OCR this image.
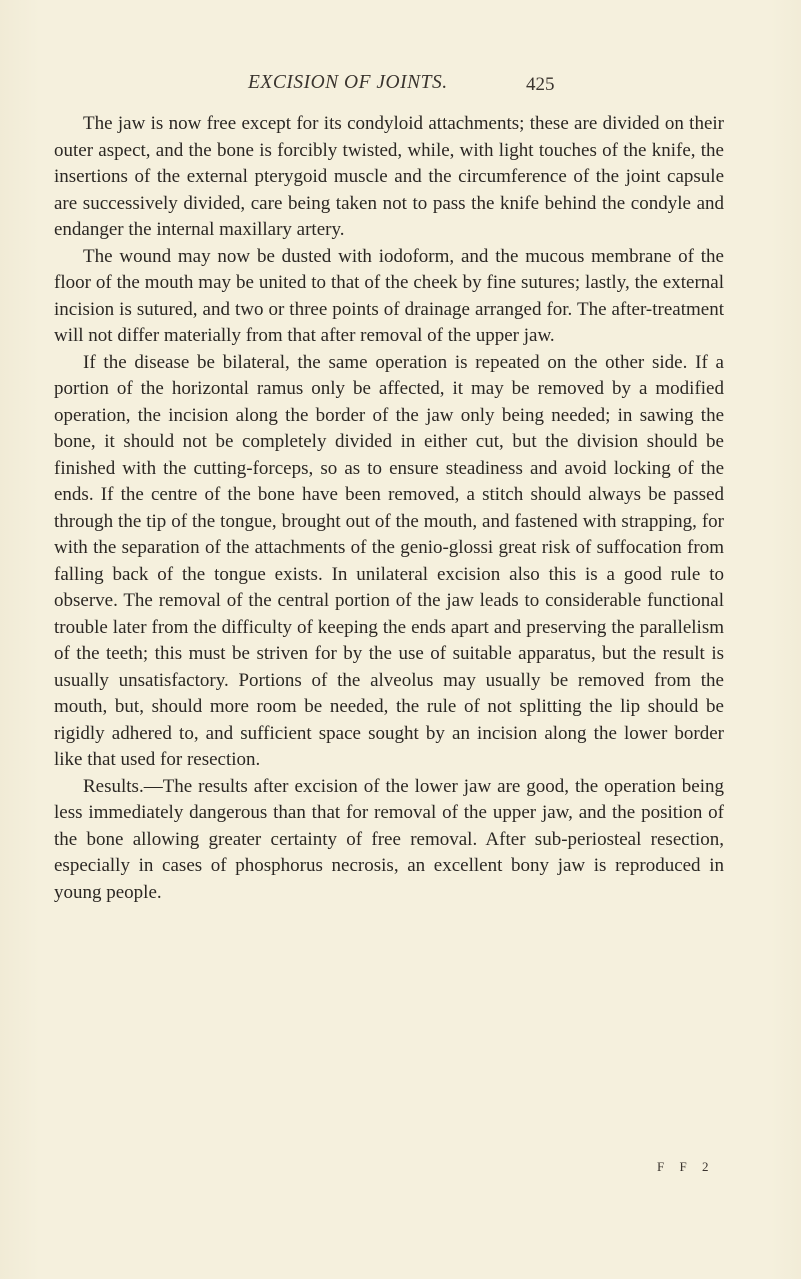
EXCISION OF JOINTS.	425

The jaw is now free except for its condyloid attachments; these are divided on their outer aspect, and the bone is forcibly twisted, while, with light touches of the knife, the insertions of the external pterygoid muscle and the circumference of the joint capsule are successively divided, care being taken not to pass the knife behind the condyle and endanger the internal maxillary artery.

The wound may now be dusted with iodoform, and the mucous membrane of the floor of the mouth may be united to that of the cheek by fine sutures; lastly, the external incision is sutured, and two or three points of drainage arranged for. The after-treatment will not differ materially from that after removal of the upper jaw.

If the disease be bilateral, the same operation is repeated on the other side. If a portion of the horizontal ramus only be affected, it may be removed by a modified operation, the incision along the border of the jaw only being needed; in sawing the bone, it should not be completely divided in either cut, but the division should be finished with the cutting-forceps, so as to ensure steadiness and avoid locking of the ends. If the centre of the bone have been removed, a stitch should always be passed through the tip of the tongue, brought out of the mouth, and fastened with strapping, for with the separation of the attachments of the genio-glossi great risk of suffocation from falling back of the tongue exists. In unilateral excision also this is a good rule to observe. The removal of the central portion of the jaw leads to considerable functional trouble later from the difficulty of keeping the ends apart and preserving the parallelism of the teeth; this must be striven for by the use of suitable apparatus, but the result is usually unsatisfactory. Portions of the alveolus may usually be removed from the mouth, but, should more room be needed, the rule of not splitting the lip should be rigidly adhered to, and sufficient space sought by an incision along the lower border like that used for resection.

Results.—The results after excision of the lower jaw are good, the operation being less immediately dangerous than that for removal of the upper jaw, and the position of the bone allowing greater certainty of free removal. After sub-periosteal resection, especially in cases of phosphorus necrosis, an excellent bony jaw is reproduced in young people.

F F 2
